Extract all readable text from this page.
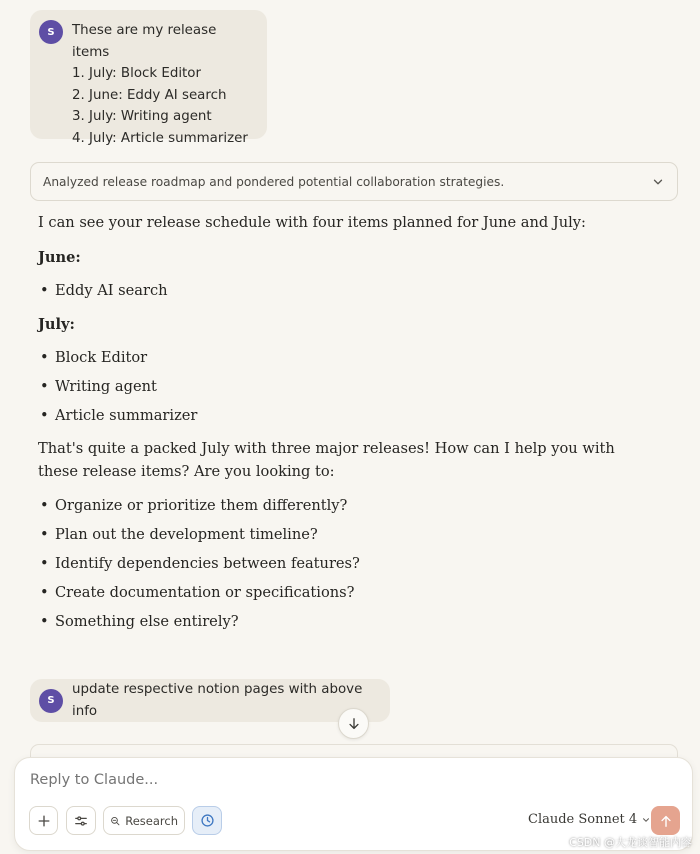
S	These are my release items
1. July: Block Editor
2. June: Eddy AI search
3. July: Writing agent
4. July: Article summarizer
Analyzed release roadmap and pondered potential collaboration strategies.

I can see your release schedule with four items planned for June and July:

June:

• Eddy AI search

July:

• Block Editor
• Writing agent
• Article summarizer

That's quite a packed July with three major releases! How can I help you with these release items? Are you looking to:

• Organize or prioritize them differently?
• Plan out the development timeline?
• Identify dependencies between features?
• Create documentation or specifications?
• Something else entirely?
S
update respective notion pages with above info
Reply to Claude...
Research	Claude Sonnet 4
CSDN @大龙谈智能内容
